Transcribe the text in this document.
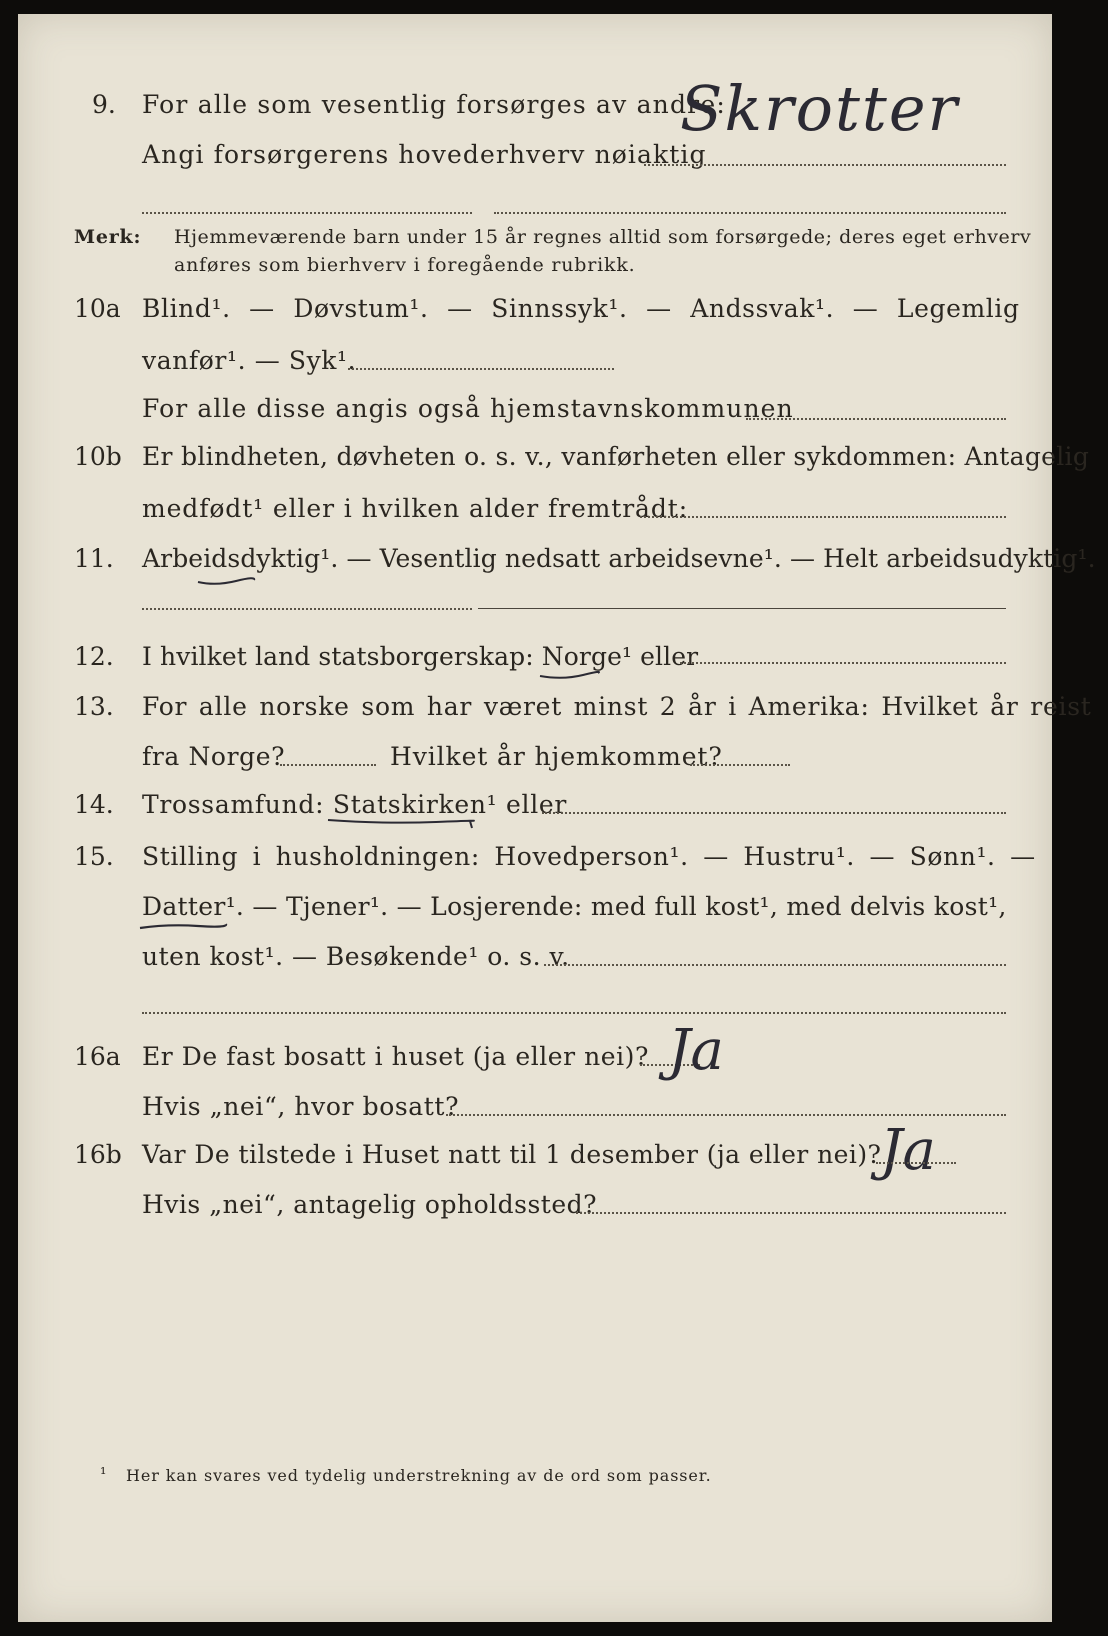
9. For alle som vesentlig forsørges av andre:
Angi forsørgerens hovederhverv nøiaktig
Skrotter
Merk: Hjemmeværende barn under 15 år regnes alltid som forsørgede; deres eget erhverv
anføres som bierhverv i foregående rubrikk.
10a Blind¹. — Døvstum¹. — Sinnssyk¹. — Andssvak¹. — Legemlig
vanfør¹. — Syk¹.
For alle disse angis også hjemstavnskommunen
10b Er blindheten, døvheten o. s. v., vanførheten eller sykdommen: Antagelig
medfødt¹ eller i hvilken alder fremtrådt:
11. Arbeidsdyktig¹. — Vesentlig nedsatt arbeidsevne¹. — Helt arbeidsudyktig¹.
12. I hvilket land statsborgerskap: Norge¹ eller
13. For alle norske som har været minst 2 år i Amerika: Hvilket år reist
fra Norge?	Hvilket år hjemkommet?
14. Trossamfund: Statskirken¹ eller
15. Stilling i husholdningen: Hovedperson¹. — Hustru¹. — Sønn¹. —
Datter¹. — Tjener¹. — Losjerende: med full kost¹, med delvis kost¹,
uten kost¹. — Besøkende¹ o. s. v.
16a Er De fast bosatt i huset (ja eller nei)? Ja
Hvis „nei“, hvor bosatt?
16b Var De tilstede i Huset natt til 1 desember (ja eller nei)?
Ja
Hvis „nei“, antagelig opholdssted?
¹ Her kan svares ved tydelig understrekning av de ord som passer.
